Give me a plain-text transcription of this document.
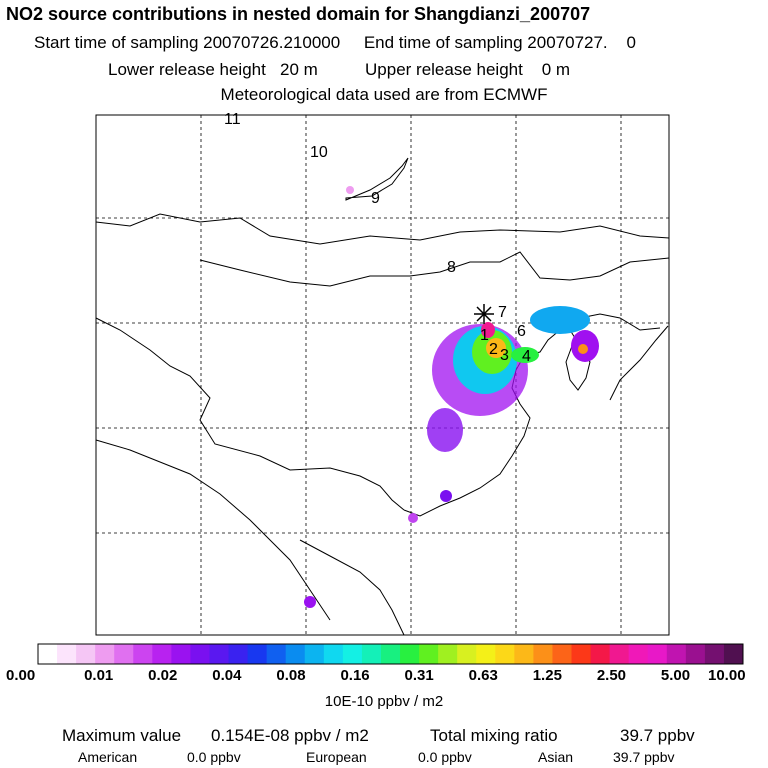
NO2 source contributions in nested domain for Shangdianzi_200707
Start time of sampling 20070726.210000     End time of sampling 20070727.    0
Lower release height   20 m          Upper release height    0 m
Meteorological data used are from ECMWF
1
2 3 4
6
7
8
9
10
11
0.00	0.01 0.02 0.04 0.08 0.16 0.31 0.63 1.25 2.50 5.00 10.00
10E-10 ppbv / m2
Maximum value 0.154E-08 ppbv / m2	Total mixing ratio	39.7 ppbv
American	0.0 ppbv	European	0.0 ppbv	Asian	39.7 ppbv
